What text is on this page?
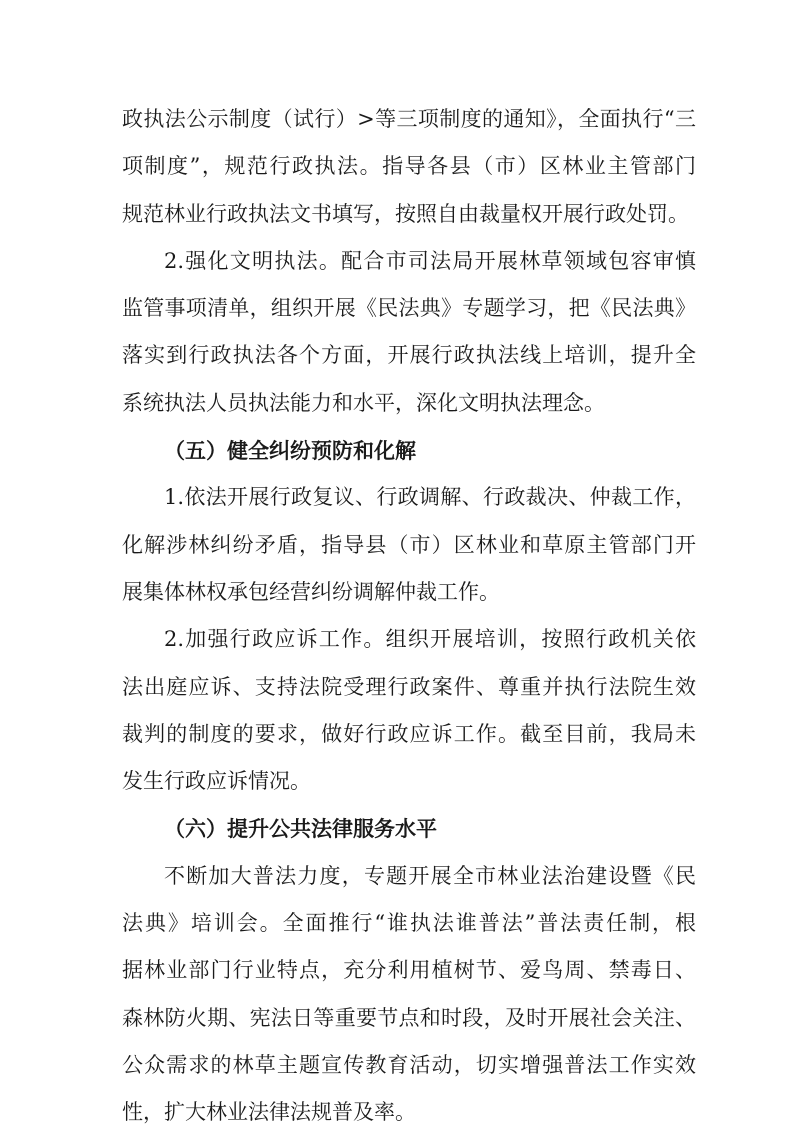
政执法公示制度（试行）>等三项制度的通知》，全面执行“三
项制度”，规范行政执法。指导各县（市）区林业主管部门
规范林业行政执法文书填写，按照自由裁量权开展行政处罚。
2.强化文明执法。配合市司法局开展林草领域包容审慎
监管事项清单，组织开展《民法典》专题学习，把《民法典》
落实到行政执法各个方面，开展行政执法线上培训，提升全
系统执法人员执法能力和水平，深化文明执法理念。
（五）健全纠纷预防和化解
1.依法开展行政复议、行政调解、行政裁决、仲裁工作，
化解涉林纠纷矛盾，指导县（市）区林业和草原主管部门开
展集体林权承包经营纠纷调解仲裁工作。
2.加强行政应诉工作。组织开展培训，按照行政机关依
法出庭应诉、支持法院受理行政案件、尊重并执行法院生效
裁判的制度的要求，做好行政应诉工作。截至目前，我局未
发生行政应诉情况。
（六）提升公共法律服务水平
不断加大普法力度，专题开展全市林业法治建设暨《民
法典》培训会。全面推行“谁执法谁普法”普法责任制，根
据林业部门行业特点，充分利用植树节、爱鸟周、禁毒日、
森林防火期、宪法日等重要节点和时段，及时开展社会关注、
公众需求的林草主题宣传教育活动，切实增强普法工作实效
性，扩大林业法律法规普及率。
